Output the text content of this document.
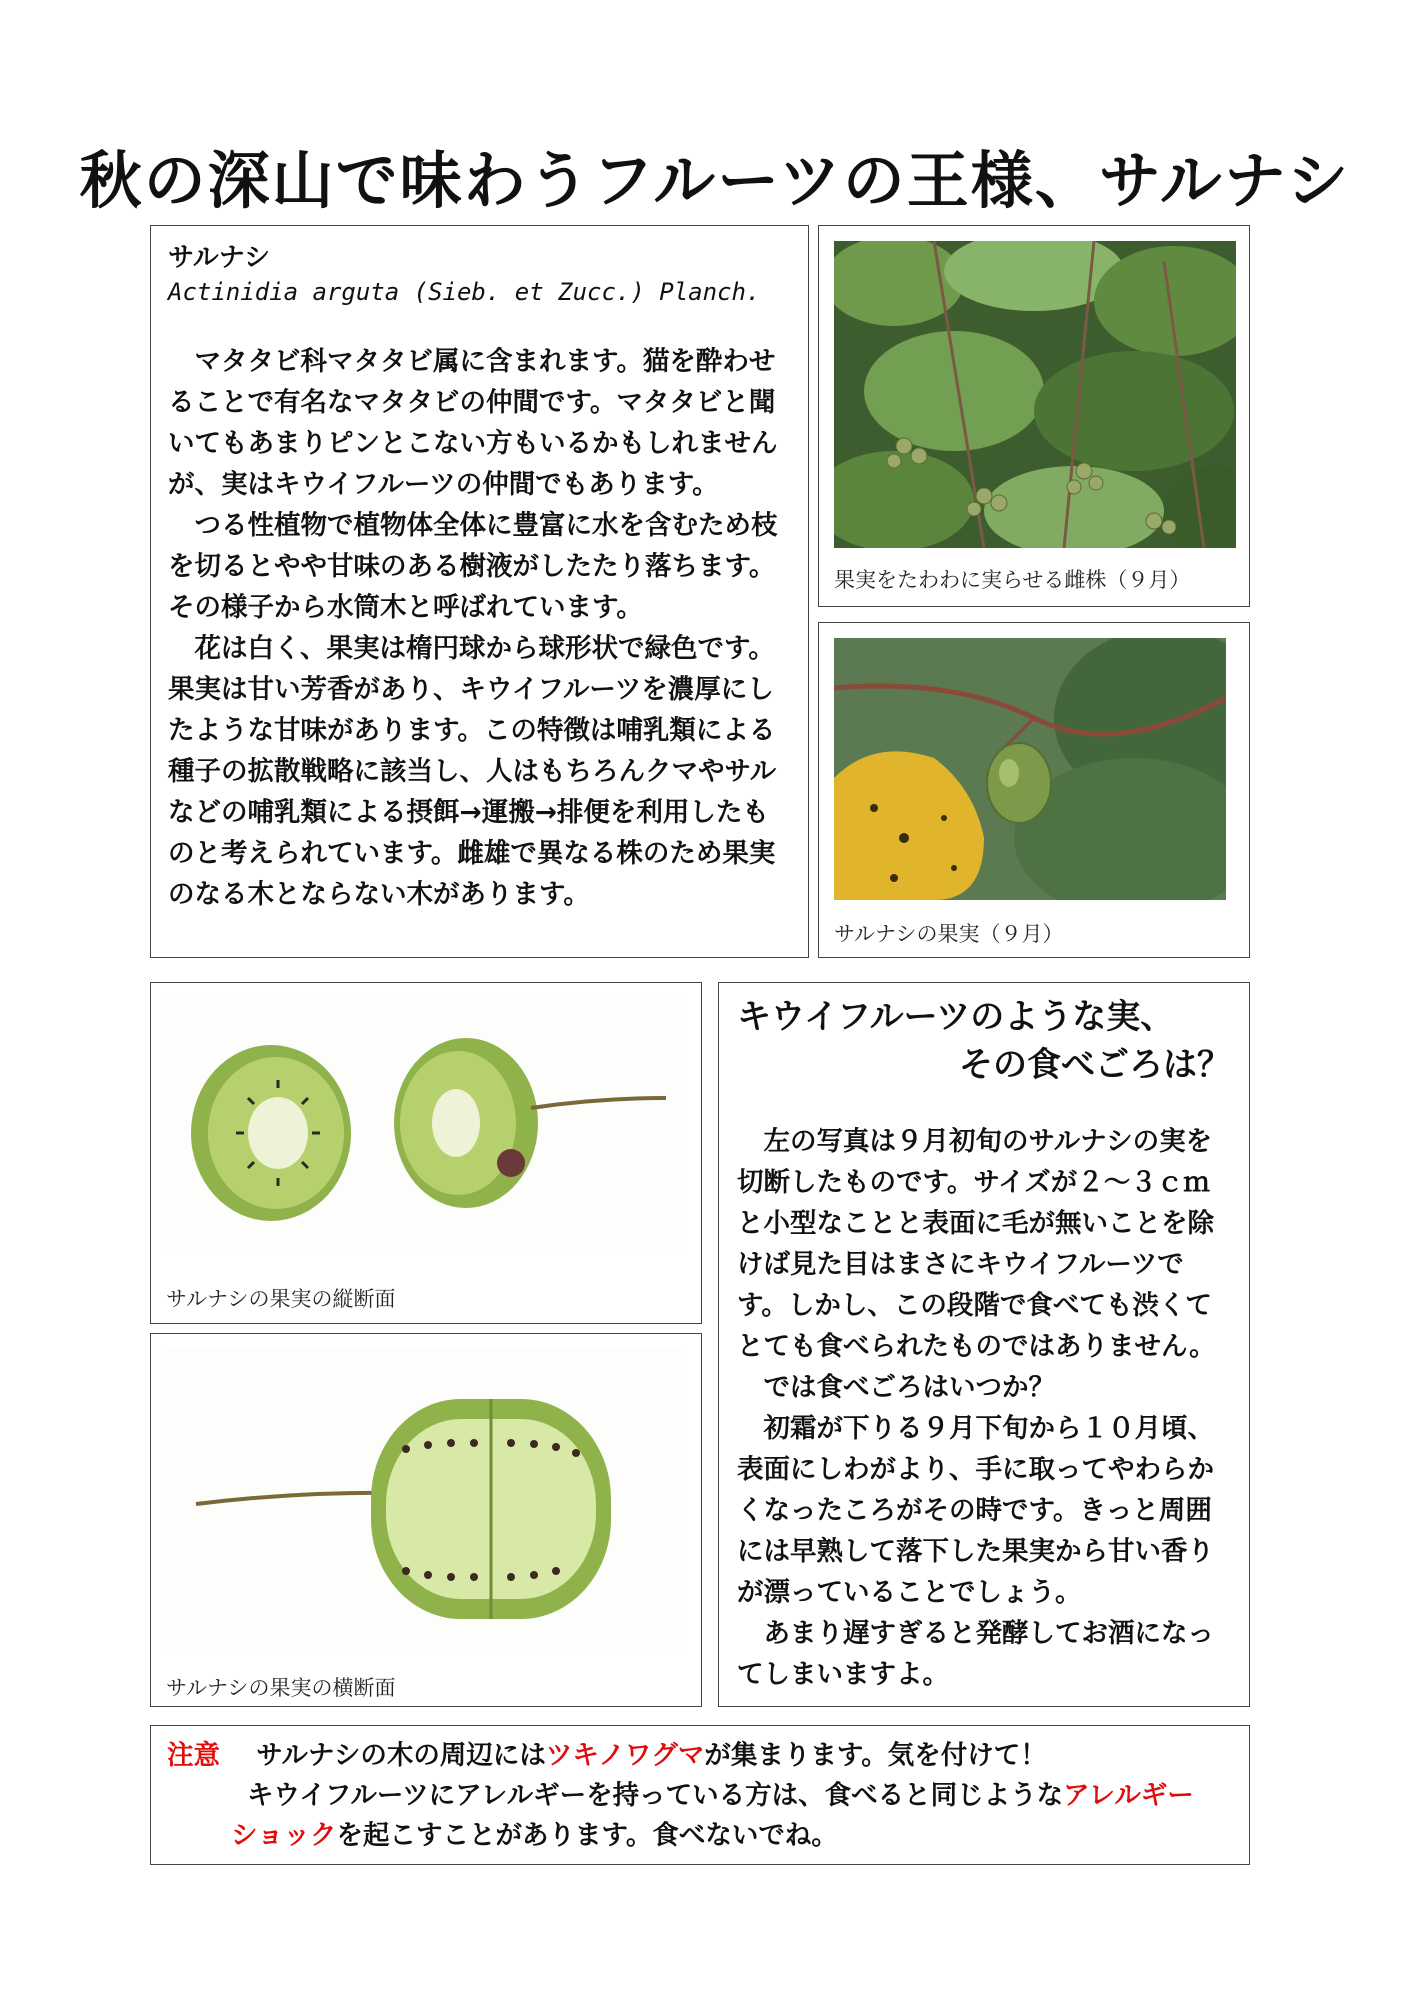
秋の深山で味わうフルーツの王様、サルナシ
サルナシ
Actinidia arguta (Sieb. et Zucc.) Planch.

マタタビ科マタタビ属に含まれます。猫を酔わせることで有名なマタタビの仲間です。マタタビと聞いてもあまりピンとこない方もいるかもしれませんが、実はキウイフルーツの仲間でもあります。

つる性植物で植物体全体に豊富に水を含むため枝を切るとやや甘味のある樹液がしたたり落ちます。その様子から水筒木と呼ばれています。

花は白く、果実は楕円球から球形状で緑色です。果実は甘い芳香があり、キウイフルーツを濃厚にしたような甘味があります。この特徴は哺乳類による種子の拡散戦略に該当し、人はもちろんクマやサルなどの哺乳類による摂餌→運搬→排便を利用したものと考えられています。雌雄で異なる株のため果実のなる木とならない木があります。

果実をたわわに実らせる雌株（９月）
サルナシの果実（９月）
サルナシの果実の縦断面
サルナシの果実の横断面
キウイフルーツのような実、
その食べごろは？

左の写真は９月初旬のサルナシの実を切断したものです。サイズが２～３ｃｍと小型なことと表面に毛が無いことを除けば見た目はまさにキウイフルーツです。しかし、この段階で食べても渋くてとても食べられたものではありません。

では食べごろはいつか？

初霜が下りる９月下旬から１０月頃、表面にしわがより、手に取ってやわらかくなったころがその時です。きっと周囲には早熟して落下した果実から甘い香りが漂っていることでしょう。

あまり遅すぎると発酵してお酒になってしまいますよ。

注意 サルナシの木の周辺にはツキノワグマが集まります。気を付けて！
キウイフルーツにアレルギーを持っている方は、食べると同じようなアレルギー
ショックを起こすことがあります。食べないでね。
